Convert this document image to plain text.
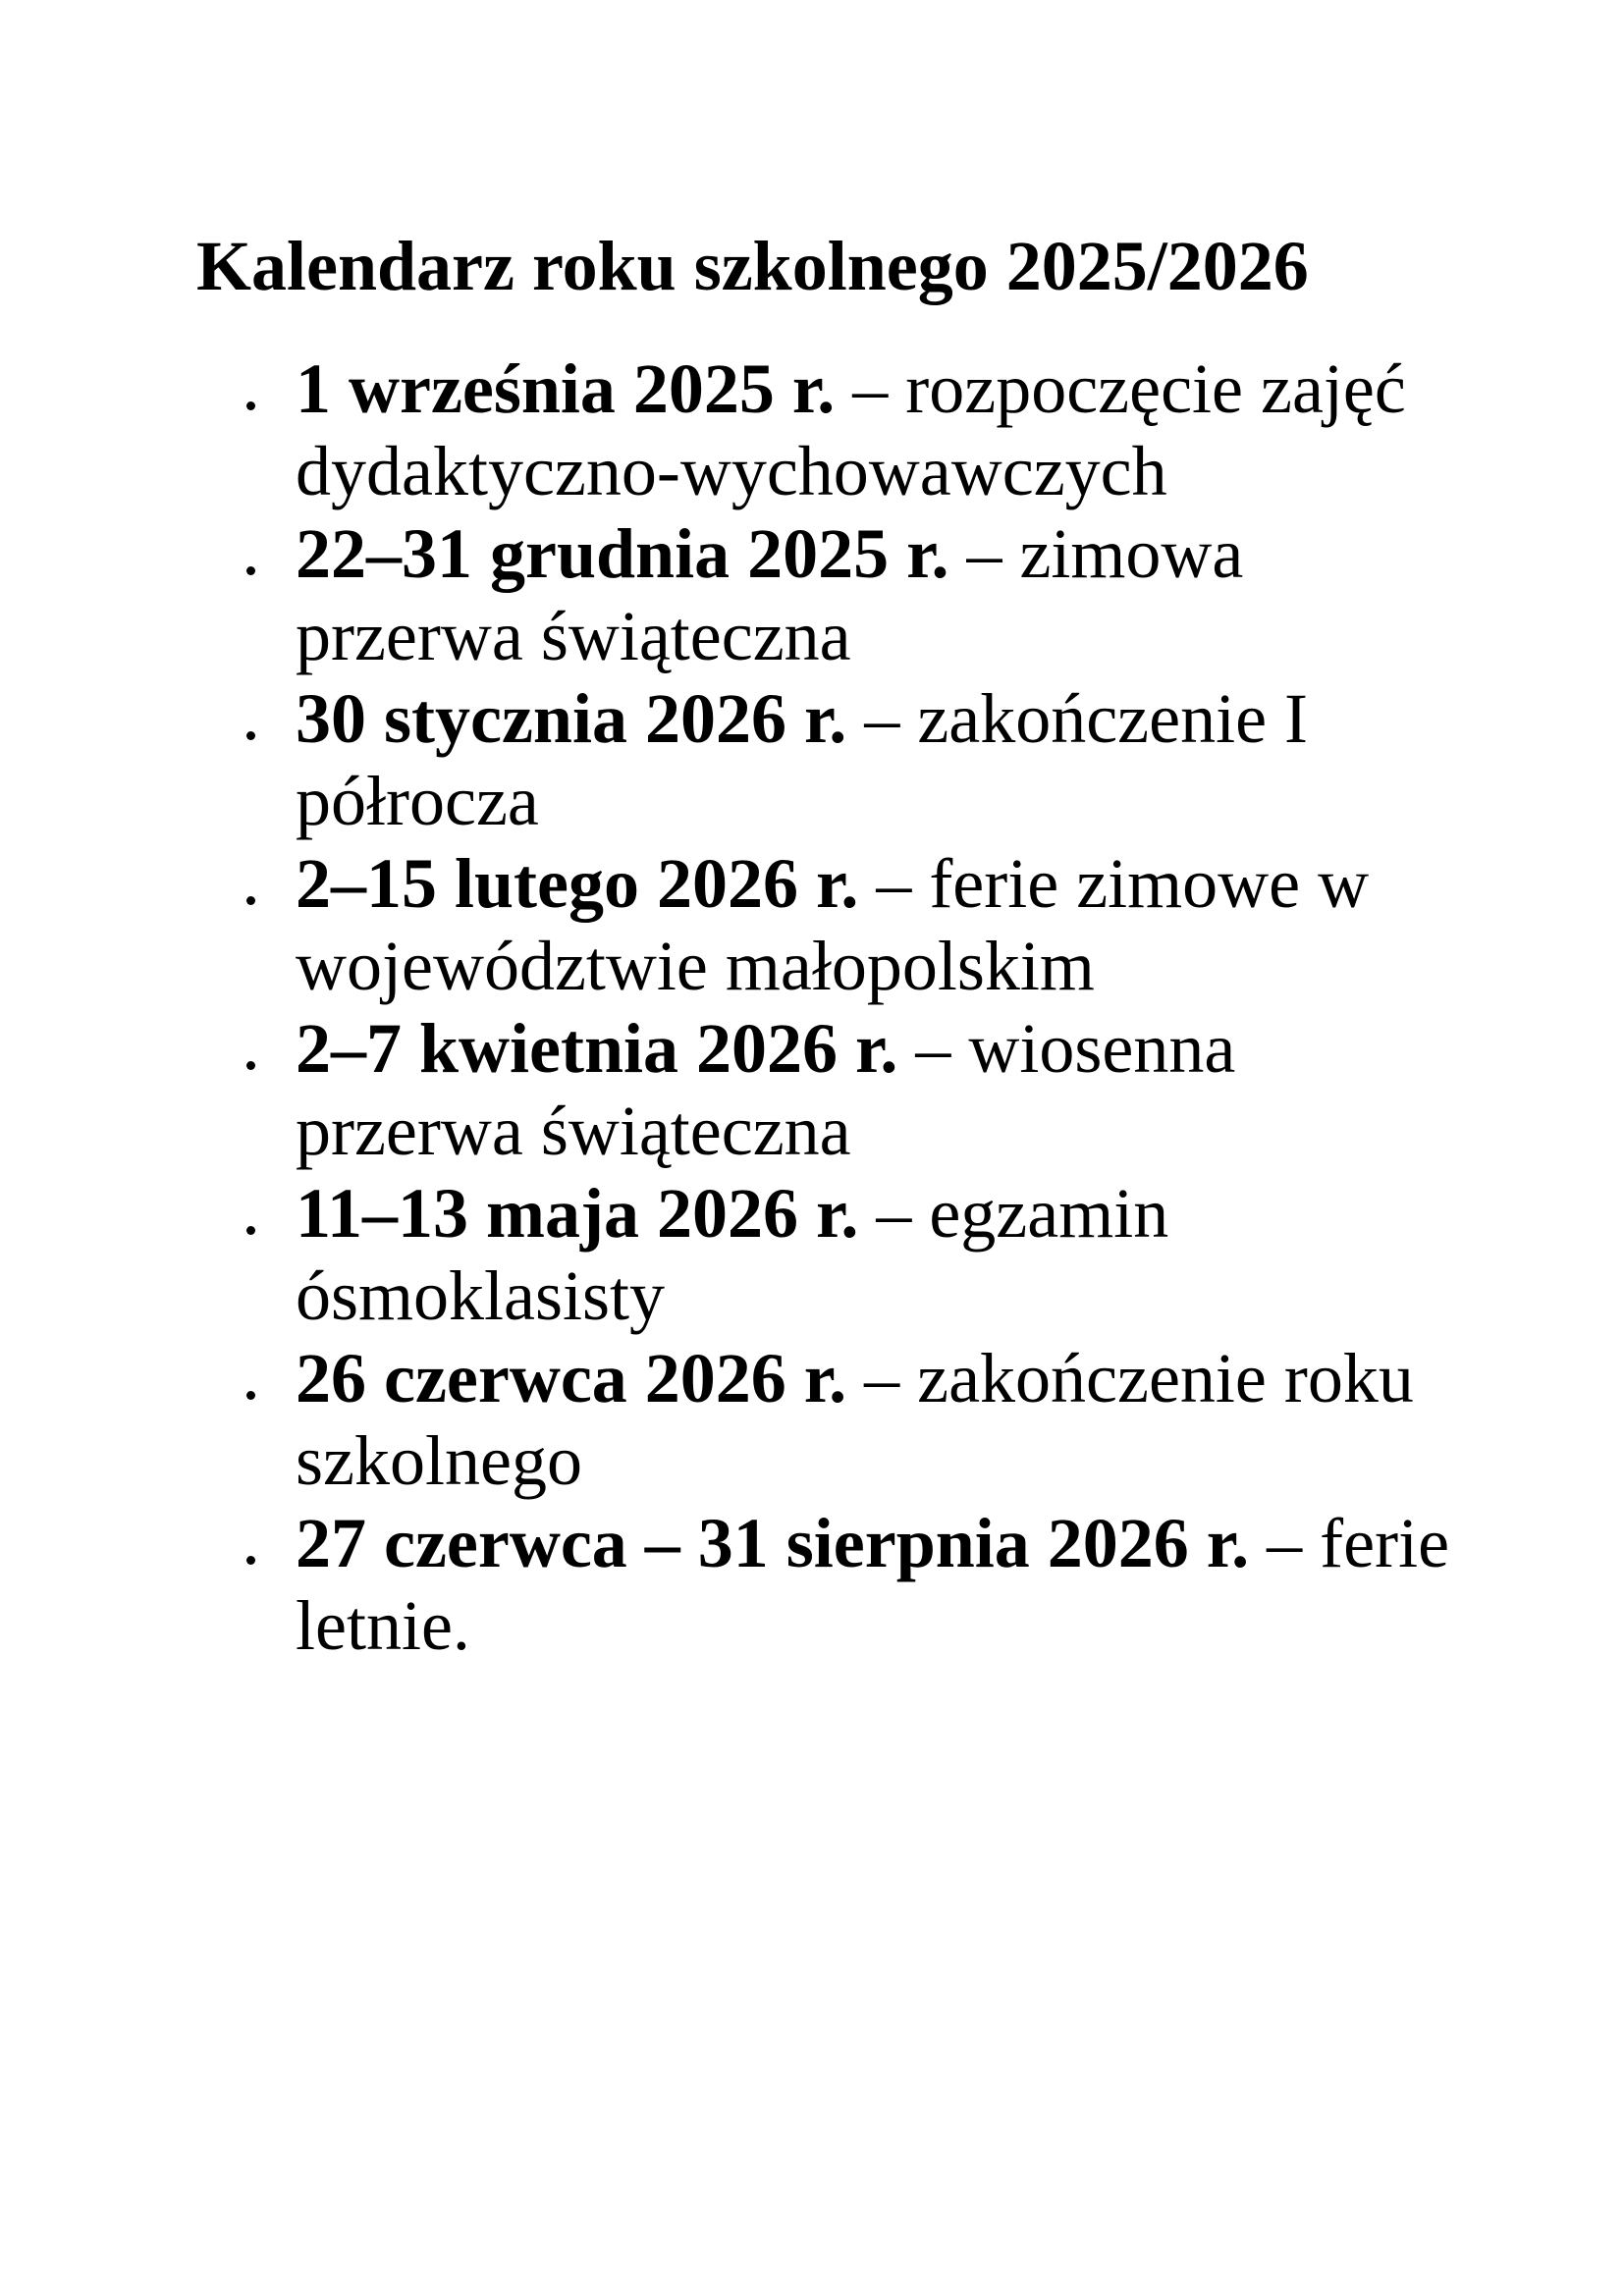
Kalendarz roku szkolnego 2025/2026
1 września 2025 r. – rozpoczęcie zajęć dydaktyczno-wychowawczych
22–31 grudnia 2025 r. – zimowa przerwa świąteczna
30 stycznia 2026 r. – zakończenie I półrocza
2–15 lutego 2026 r. – ferie zimowe w województwie małopolskim
2–7 kwietnia 2026 r. – wiosenna przerwa świąteczna
11–13 maja 2026 r. – egzamin ósmoklasisty
26 czerwca 2026 r. – zakończenie roku szkolnego
27 czerwca – 31 sierpnia 2026 r. – ferie letnie.
